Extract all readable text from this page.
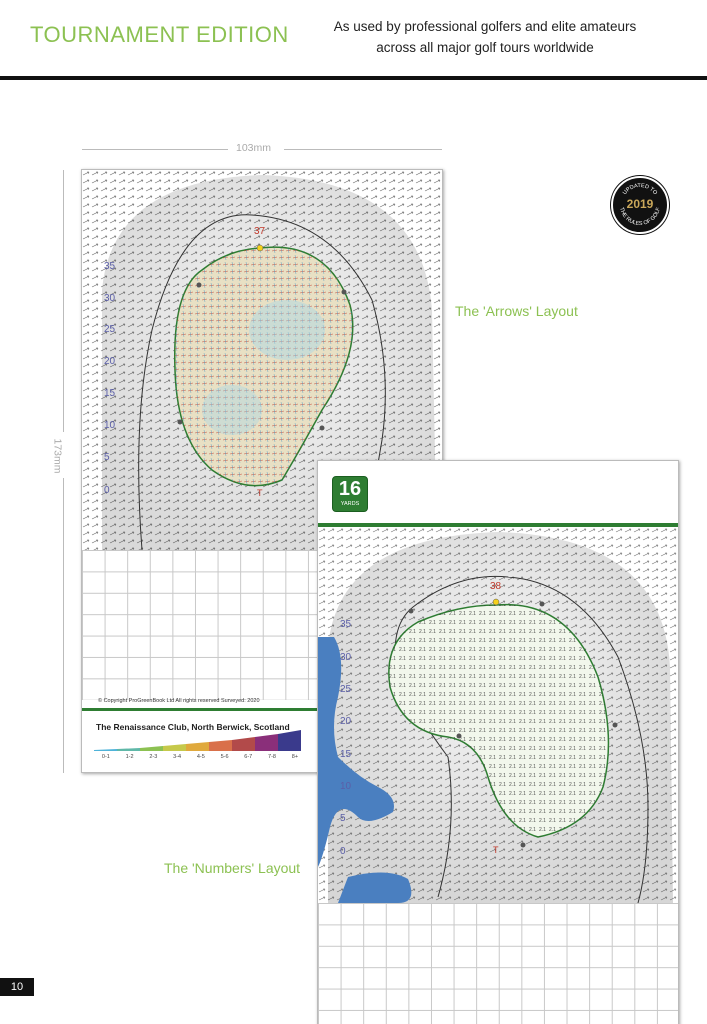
TOURNAMENT EDITION	As used by professional golfers and elite amateurs
across all major golf tours worldwide
103mm
173mm
37
T
35
30
25
20
15
10
5
0
© Copyright ProGreenBook Ltd All rights reserved Surveyed: 2020
The Renaissance Club, North Berwick, Scotland
0-1	1-2	2-3	3-4	4-5	5-6	6-7	7-8	8+
UPDATED TO
THE RULES OF GOLF
2019
The 'Arrows' Layout
38
T
35
30
25
20
15
10
5
0
16
YARDS
The 'Numbers' Layout
10
